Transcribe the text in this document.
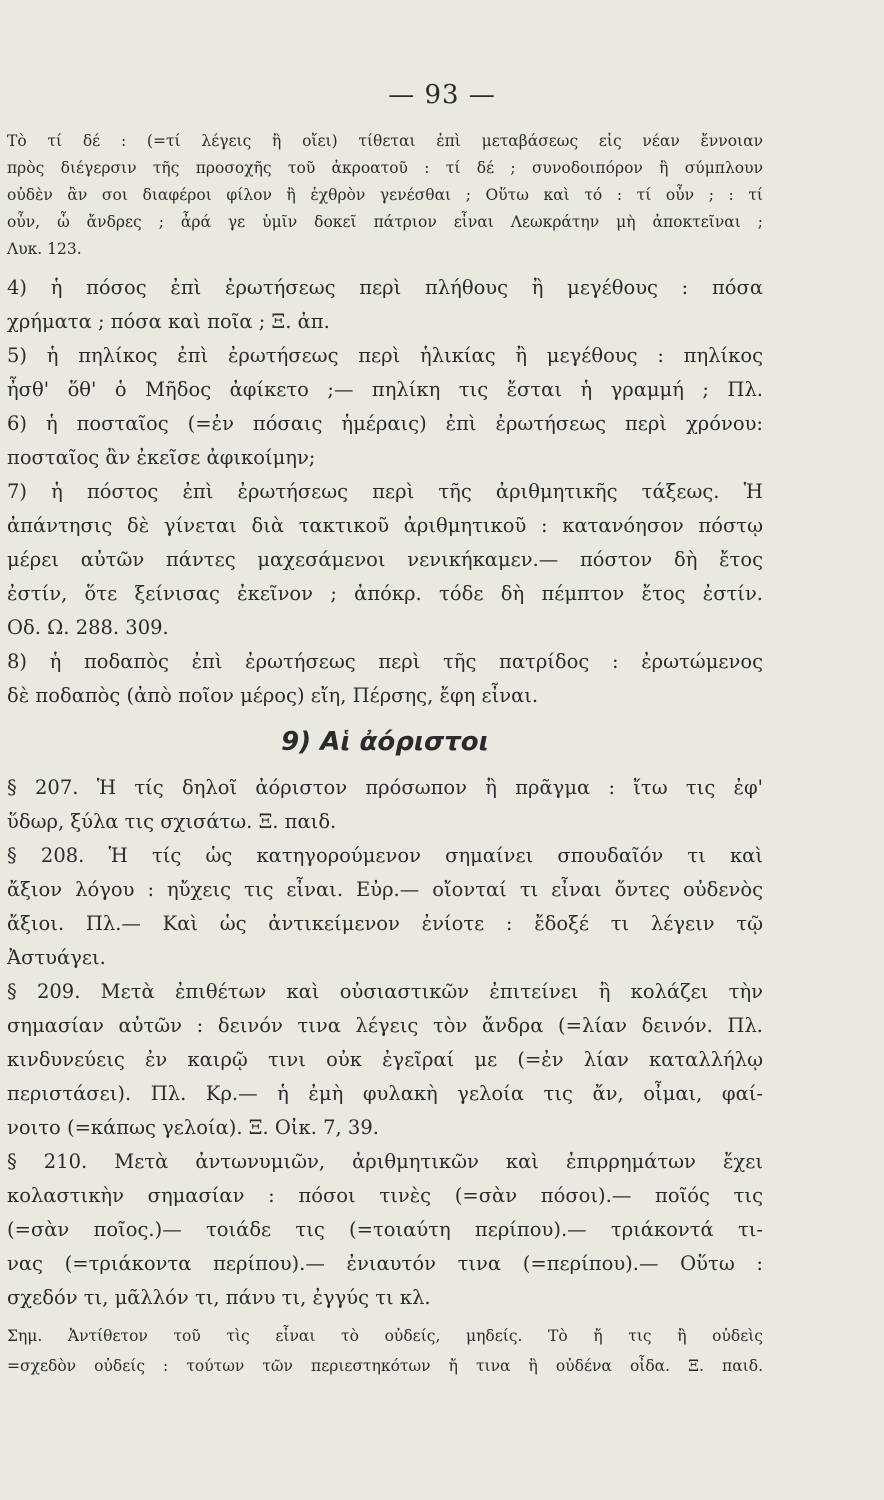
— 93 —
Τὸ τί δέ : (=τί λέγεις ἢ οἴει) τίθεται ἐπὶ μεταβάσεως εἰς νέαν ἔννοιαν
πρὸς διέγερσιν τῆς προσοχῆς τοῦ ἀκροατοῦ : τί δέ ; συνοδοιπόρον ἢ σύμπλουν
οὐδὲν ἂν σοι διαφέροι φίλον ἢ ἐχθρὸν γενέσθαι ; Οὕτω καὶ τό : τί οὖν ; : τί
οὖν, ὦ ἄνδρες ; ἆρά γε ὑμῖν δοκεῖ πάτριον εἶναι Λεωκράτην μὴ ἀποκτεῖναι ;
Λυκ. 123.
4) ἡ πόσος ἐπὶ ἐρωτήσεως περὶ πλήθους ἢ μεγέθους : πόσα
χρήματα ; πόσα καὶ ποῖα ; Ξ. ἀπ.
5) ἡ πηλίκος ἐπὶ ἐρωτήσεως περὶ ἡλικίας ἢ μεγέθους : πηλίκος
ἦσθ' ὅθ' ὁ Μῆδος ἀφίκετο ;— πηλίκη τις ἔσται ἡ γραμμή ; Πλ.
6) ἡ ποσταῖος (=ἐν πόσαις ἡμέραις) ἐπὶ ἐρωτήσεως περὶ χρόνου:
ποσταῖος ἂν ἐκεῖσε ἀφικοίμην;
7) ἡ πόστος ἐπὶ ἐρωτήσεως περὶ τῆς ἀριθμητικῆς τάξεως. Ἡ
ἀπάντησις δὲ γίνεται διὰ τακτικοῦ ἀριθμητικοῦ : κατανόησον πόστῳ
μέρει αὐτῶν πάντες μαχεσάμενοι νενικήκαμεν.— πόστον δὴ ἔτος
ἐστίν, ὅτε ξείνισας ἐκεῖνον ; ἀπόκρ. τόδε δὴ πέμπτον ἔτος ἐστίν.
Οδ. Ω. 288. 309.
8) ἡ ποδαπὸς ἐπὶ ἐρωτήσεως περὶ τῆς πατρίδος : ἐρωτώμενος
δὲ ποδαπὸς (ἀπὸ ποῖον μέρος) εἴη, Πέρσης, ἔφη εἶναι.
9) Αἱ ἀόριστοι
§ 207. Ἡ τίς δηλοῖ ἀόριστον πρόσωπον ἢ πρᾶγμα : ἴτω τις ἐφ'
ὕδωρ, ξύλα τις σχισάτω. Ξ. παιδ.
§ 208. Ἡ τίς ὡς κατηγορούμενον σημαίνει σπουδαῖόν τι καὶ
ἄξιον λόγου : ηὔχεις τις εἶναι. Εὐρ.— οἴονταί τι εἶναι ὄντες οὐδενὸς
ἄξιοι. Πλ.— Καὶ ὡς ἀντικείμενον ἐνίοτε : ἔδοξέ τι λέγειν τῷ
Ἀστυάγει.
§ 209. Μετὰ ἐπιθέτων καὶ οὐσιαστικῶν ἐπιτείνει ἢ κολάζει τὴν
σημασίαν αὐτῶν : δεινόν τινα λέγεις τὸν ἄνδρα (=λίαν δεινόν. Πλ.
κινδυνεύεις ἐν καιρῷ τινι οὐκ ἐγεῖραί με (=ἐν λίαν καταλλήλῳ
περιστάσει). Πλ. Κρ.— ἡ ἐμὴ φυλακὴ γελοία τις ἄν, οἶμαι, φαί-
νοιτο (=κάπως γελοία). Ξ. Οἰκ. 7, 39.
§ 210. Μετὰ ἀντωνυμιῶν, ἀριθμητικῶν καὶ ἐπιρρημάτων ἔχει
κολαστικὴν σημασίαν : πόσοι τινὲς (=σὰν πόσοι).— ποῖός τις
(=σὰν ποῖος.)— τοιάδε τις (=τοιαύτη περίπου).— τριάκοντά τι-
νας (=τριάκοντα περίπου).— ἐνιαυτόν τινα (=περίπου).— Οὕτω :
σχεδόν τι, μᾶλλόν τι, πάνυ τι, ἐγγύς τι κλ.
Σημ. Ἀντίθετον τοῦ τὶς εἶναι τὸ οὐδείς, μηδείς. Τὸ ἤ τις ἢ οὐδεὶς
=σχεδὸν οὐδείς : τούτων τῶν περιεστηκότων ἤ τινα ἢ οὐδένα οἶδα. Ξ. παιδ.
